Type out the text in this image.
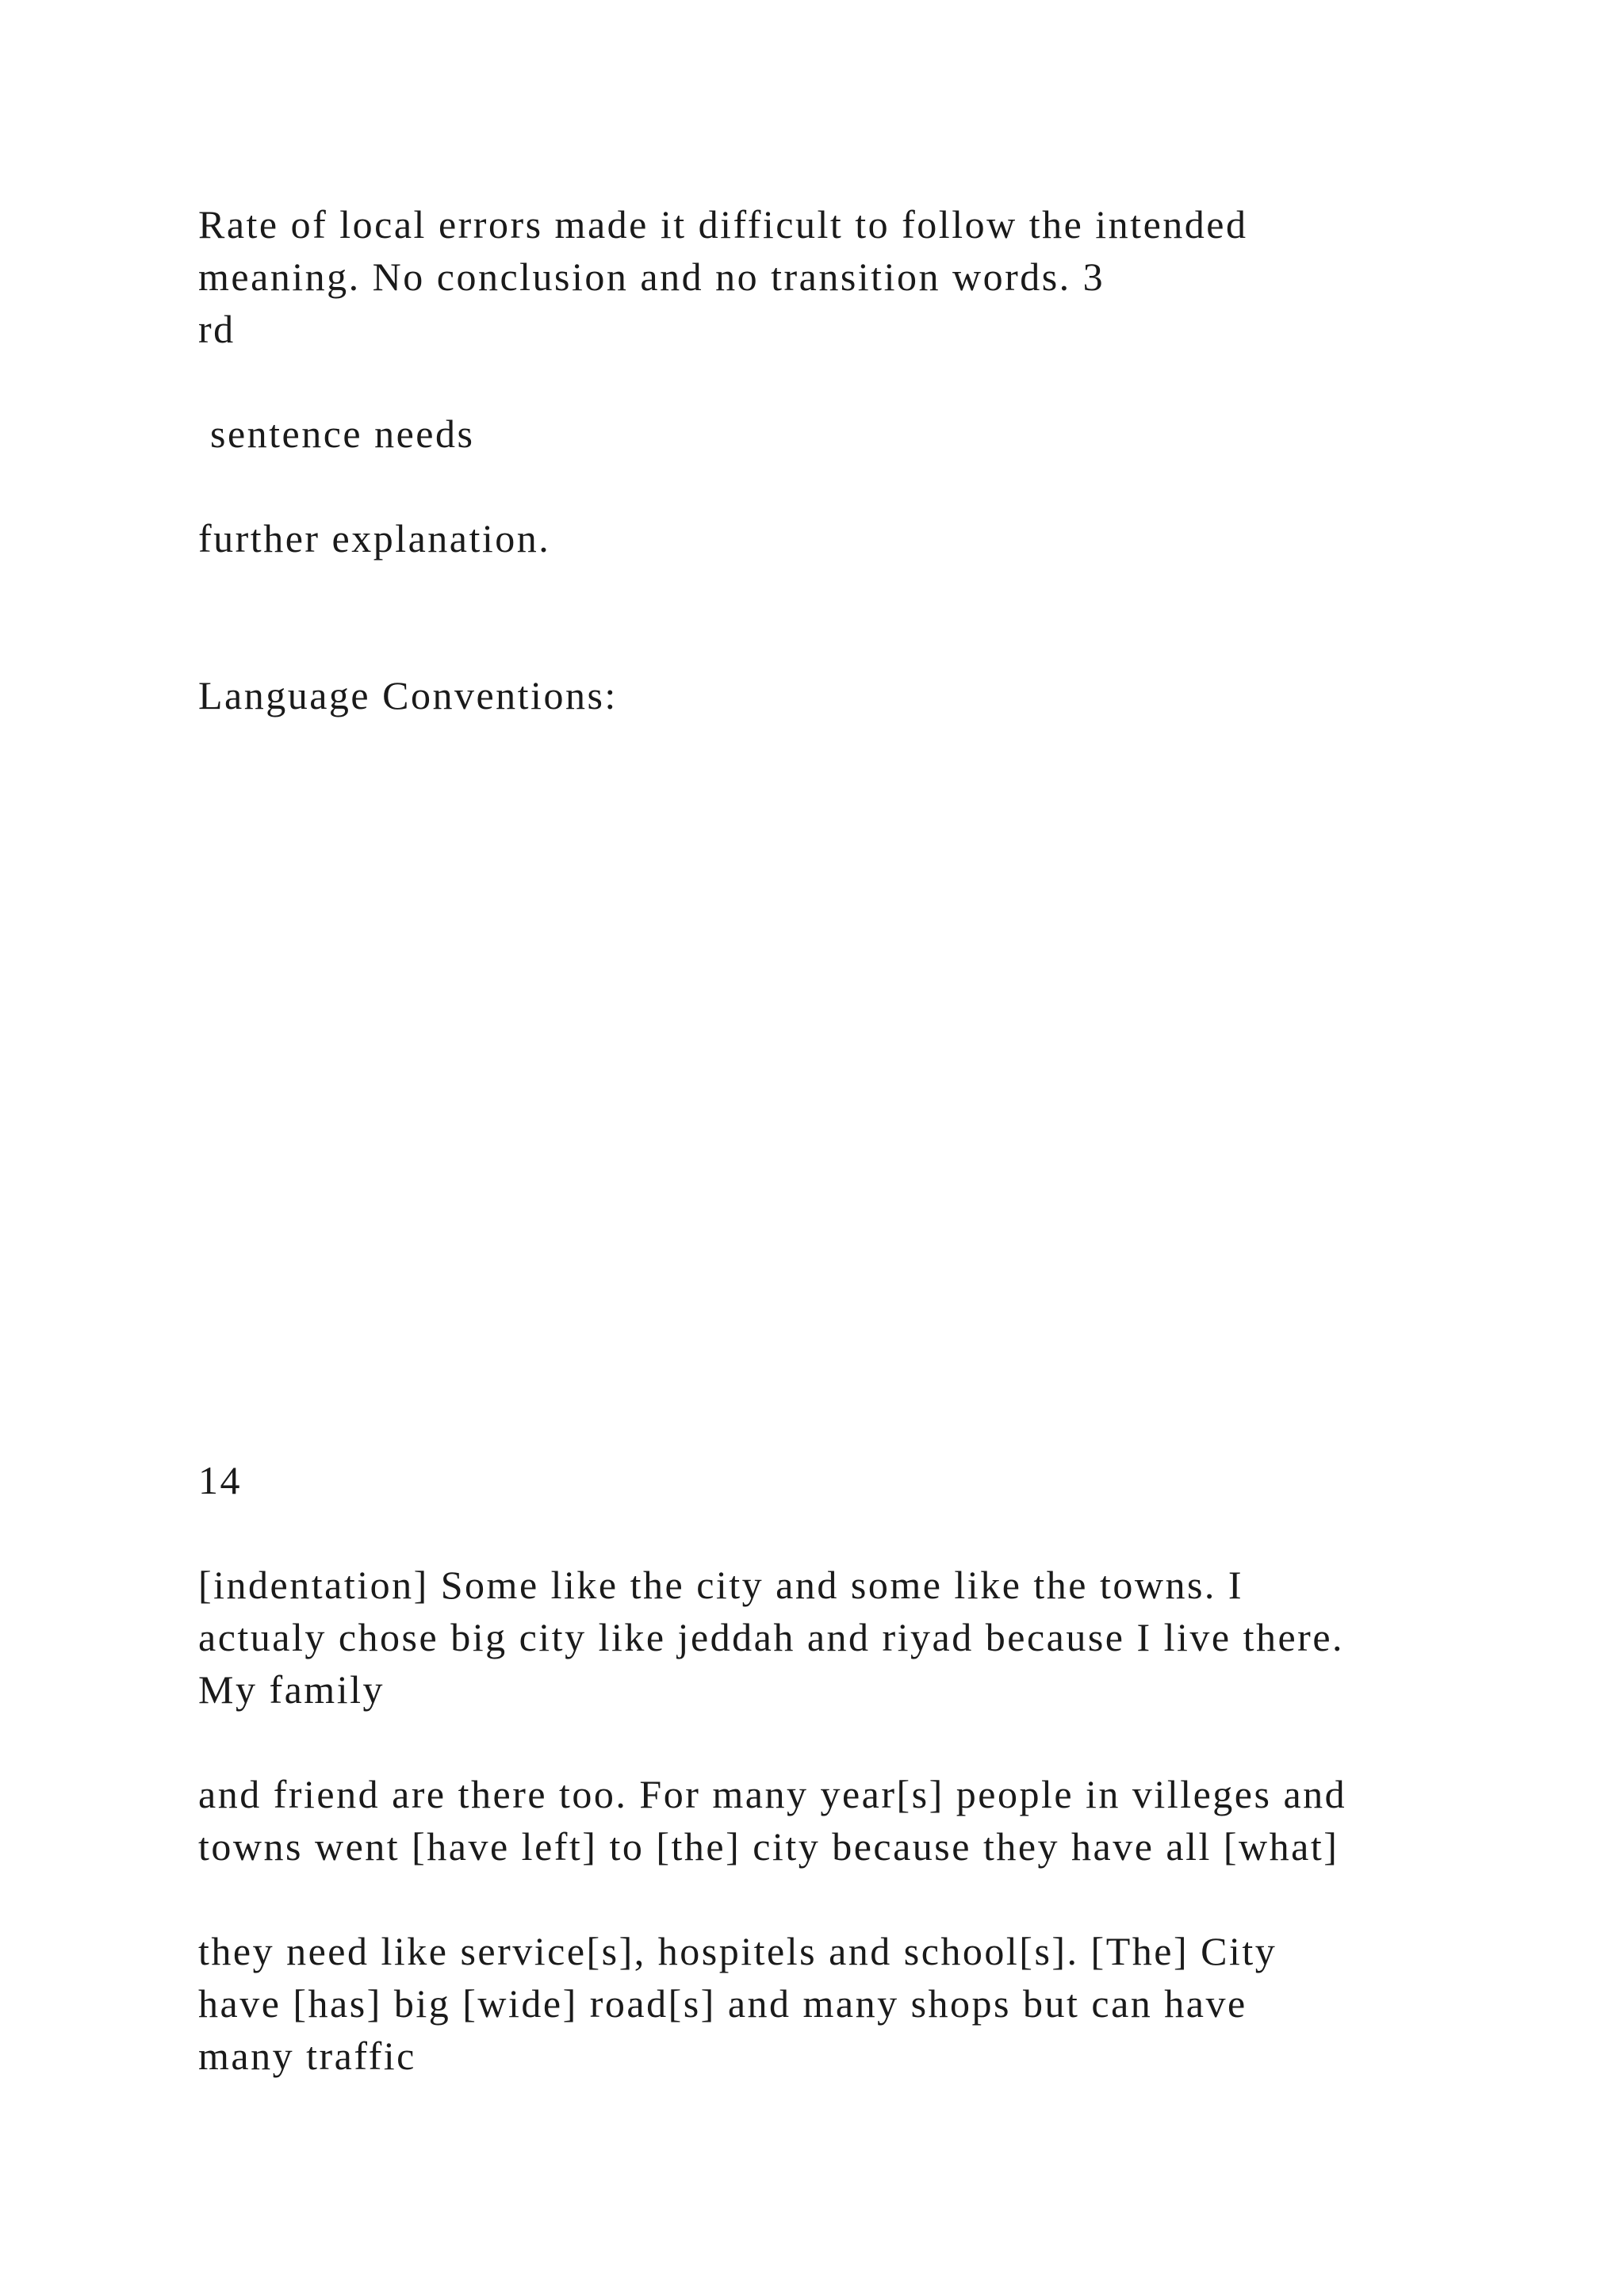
Rate of local errors made it difficult to follow the intended

meaning. No conclusion and no transition words. 3

rd

sentence needs

further explanation.

Language Conventions:

14

[indentation] Some like the city and some like the towns. I

actualy chose big city like jeddah and riyad because I live there.

My family

and friend are there too. For many year[s] people in villeges and

towns went [have left] to [the] city because they have all [what]

they need like service[s], hospitels and school[s]. [The] City

have [has] big [wide] road[s] and many shops but can have

many traffic
